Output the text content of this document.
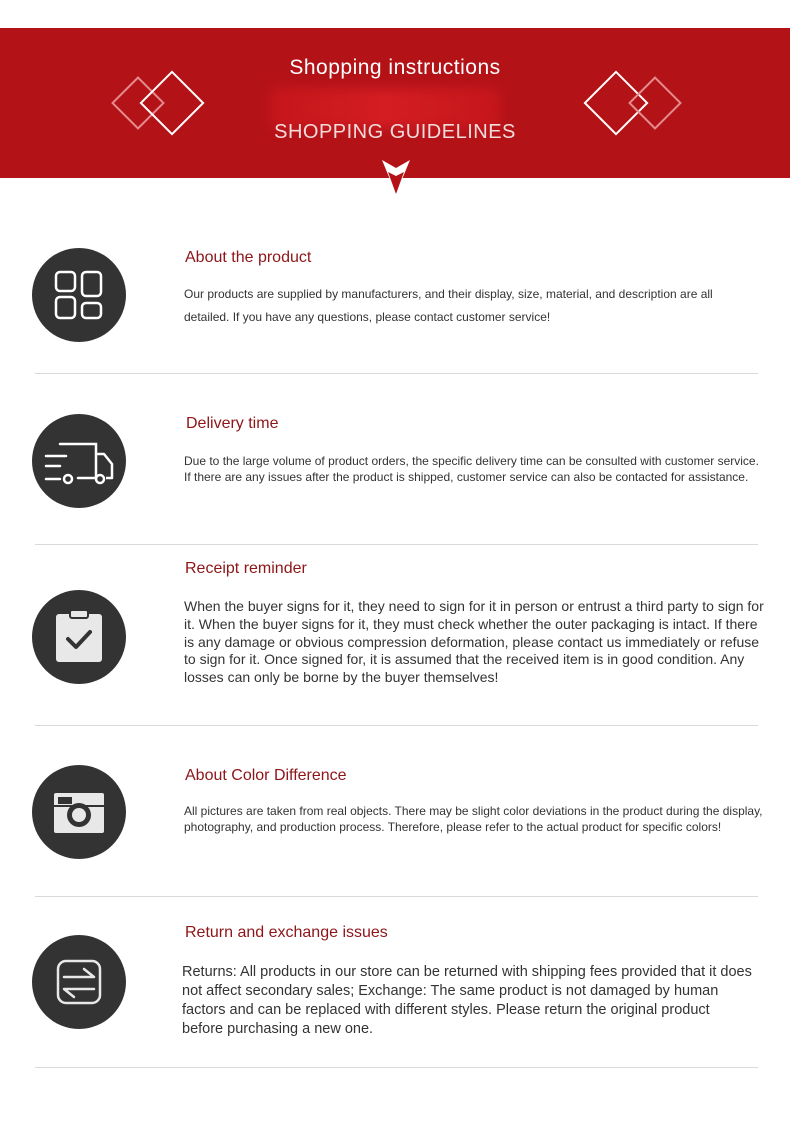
Shopping instructions
SHOPPING GUIDELINES
About the product
Our products are supplied by manufacturers, and their display, size, material, and description are all detailed. If you have any questions, please contact customer service!
Delivery time
Due to the large volume of product orders, the specific delivery time can be consulted with customer service. If there are any issues after the product is shipped, customer service can also be contacted for assistance.
Receipt reminder
When the buyer signs for it, they need to sign for it in person or entrust a third party to sign for it. When the buyer signs for it, they must check whether the outer packaging is intact. If there is any damage or obvious compression deformation, please contact us immediately or refuse to sign for it. Once signed for, it is assumed that the received item is in good condition. Any losses can only be borne by the buyer themselves!
About Color Difference
All pictures are taken from real objects. There may be slight color deviations in the product during the display, photography, and production process. Therefore, please refer to the actual product for specific colors!
Return and exchange issues
Returns: All products in our store can be returned with shipping fees provided that it does not affect secondary sales; Exchange: The same product is not damaged by human factors and can be replaced with different styles. Please return the original product before purchasing a new one.
